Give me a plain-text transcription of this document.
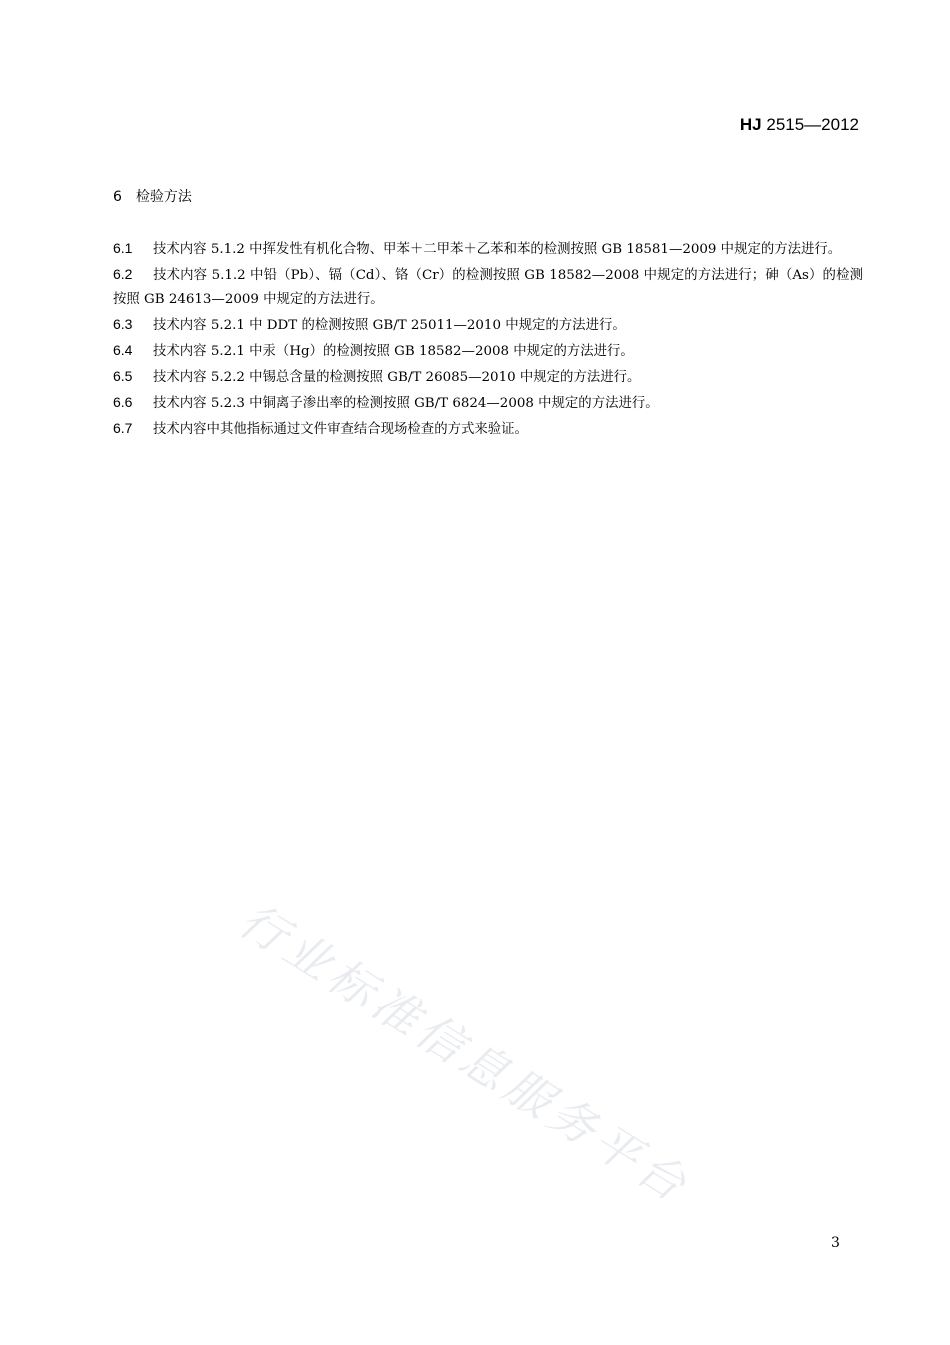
HJ 2515—2012
6 检验方法

6.1 技术内容 5.1.2 中挥发性有机化合物、甲苯＋二甲苯＋乙苯和苯的检测按照 GB 18581—2009 中规定的方法进行。

6.2 技术内容 5.1.2 中铅（Pb）、镉（Cd）、铬（Cr）的检测按照 GB 18582—2008 中规定的方法进行；砷（As）的检测按照 GB 24613—2009 中规定的方法进行。

6.3 技术内容 5.2.1 中 DDT 的检测按照 GB/T 25011—2010 中规定的方法进行。

6.4 技术内容 5.2.1 中汞（Hg）的检测按照 GB 18582—2008 中规定的方法进行。

6.5 技术内容 5.2.2 中锡总含量的检测按照 GB/T 26085—2010 中规定的方法进行。

6.6 技术内容 5.2.3 中铜离子渗出率的检测按照 GB/T 6824—2008 中规定的方法进行。

6.7 技术内容中其他指标通过文件审查结合现场检查的方式来验证。

行业标准信息服务平台
3
